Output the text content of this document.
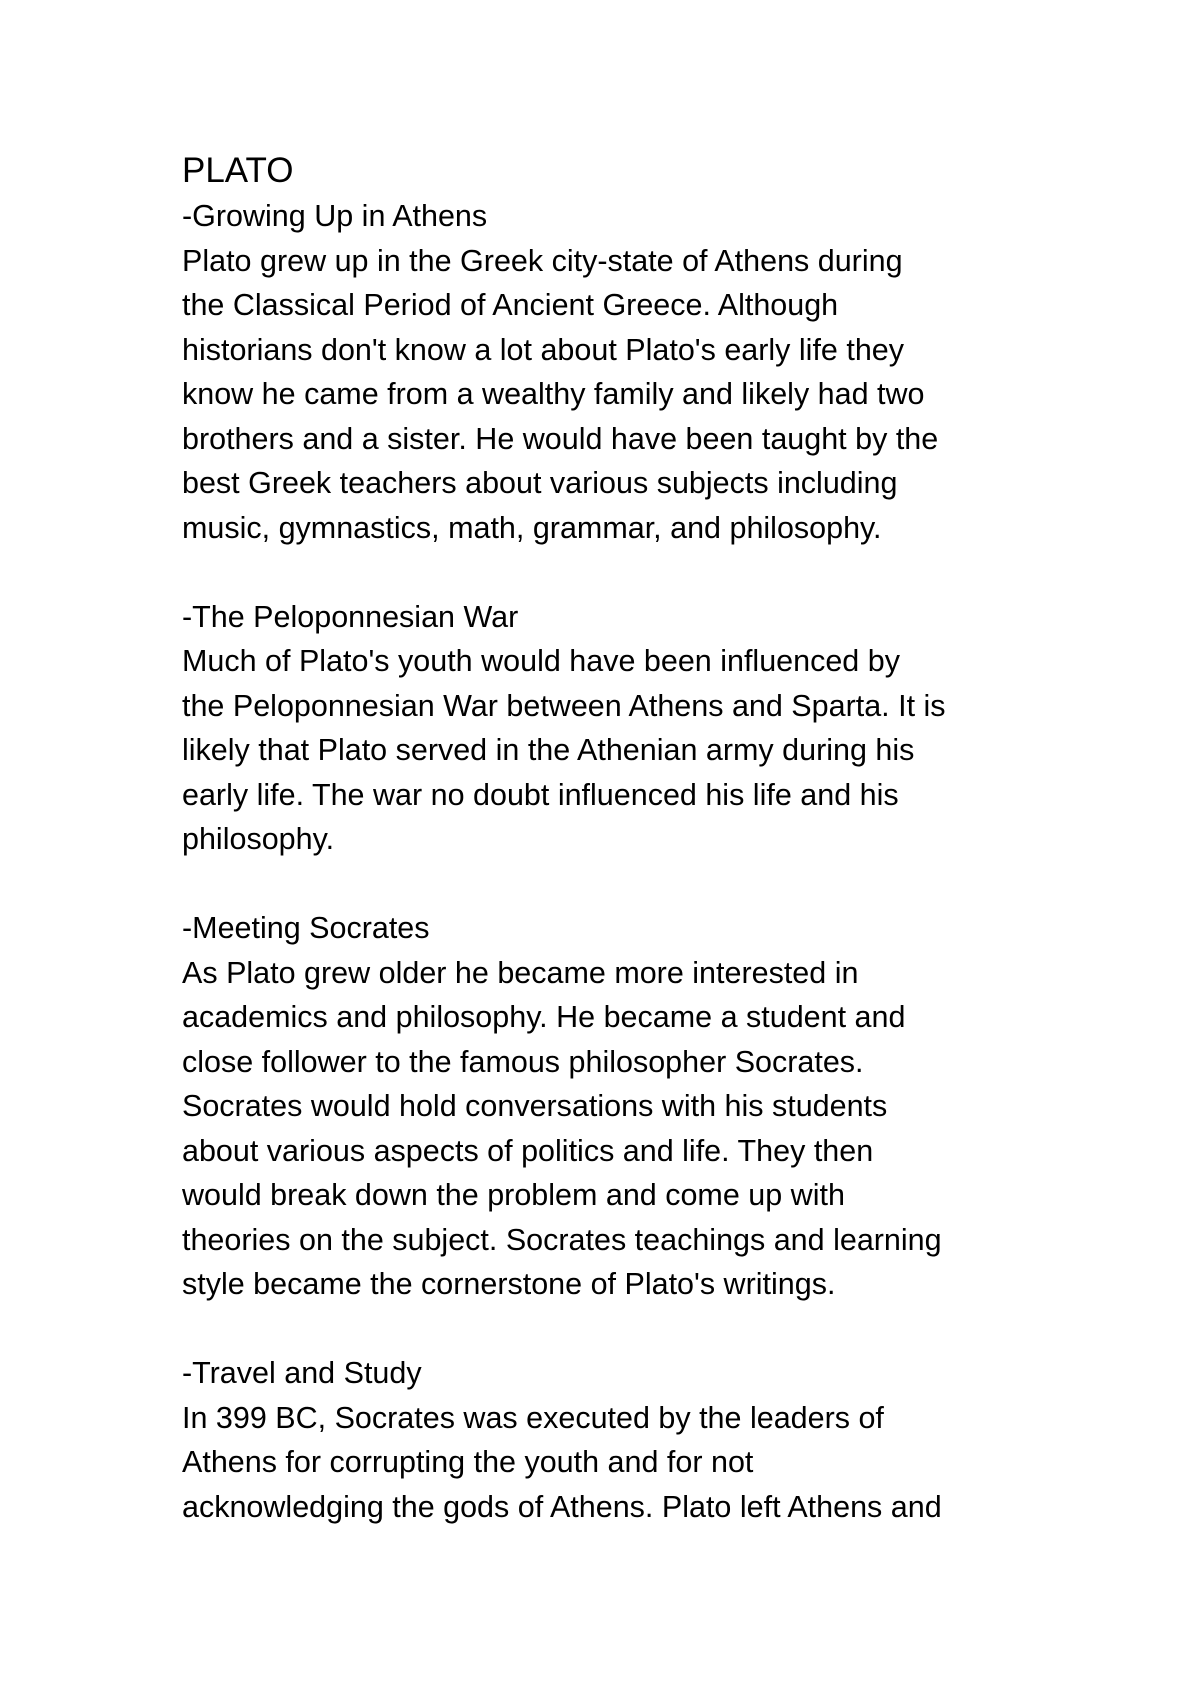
PLATO
-Growing Up in Athens
Plato grew up in the Greek city-state of Athens during
the Classical Period of Ancient Greece. Although
historians don't know a lot about Plato's early life they
know he came from a wealthy family and likely had two
brothers and a sister. He would have been taught by the
best Greek teachers about various subjects including
music, gymnastics, math, grammar, and philosophy.
-The Peloponnesian War
Much of Plato's youth would have been influenced by
the Peloponnesian War between Athens and Sparta. It is
likely that Plato served in the Athenian army during his
early life. The war no doubt influenced his life and his
philosophy.
-Meeting Socrates
As Plato grew older he became more interested in
academics and philosophy. He became a student and
close follower to the famous philosopher Socrates.
Socrates would hold conversations with his students
about various aspects of politics and life. They then
would break down the problem and come up with
theories on the subject. Socrates teachings and learning
style became the cornerstone of Plato's writings.
-Travel and Study
In 399 BC, Socrates was executed by the leaders of
Athens for corrupting the youth and for not
acknowledging the gods of Athens. Plato left Athens and
